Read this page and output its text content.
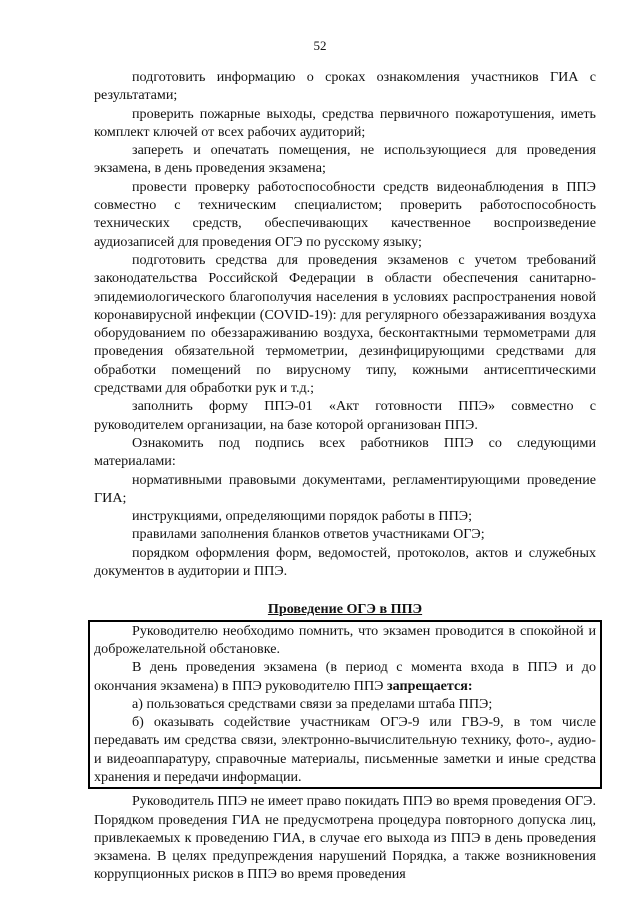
52

подготовить информацию о сроках ознакомления участников ГИА с результатами;

проверить пожарные выходы, средства первичного пожаротушения, иметь комплект ключей от всех рабочих аудиторий;

запереть и опечатать помещения, не использующиеся для проведения экзамена, в день проведения экзамена;

провести проверку работоспособности средств видеонаблюдения в ППЭ совместно с техническим специалистом; проверить работоспособность технических средств, обеспечивающих качественное воспроизведение аудиозаписей для проведения ОГЭ по русскому языку;

подготовить средства для проведения экзаменов с учетом требований законодательства Российской Федерации в области обеспечения санитарно-эпидемиологического благополучия населения в условиях распространения новой коронавирусной инфекции (COVID-19): для регулярного обеззараживания воздуха оборудованием по обеззараживанию воздуха, бесконтактными термометрами для проведения обязательной термометрии, дезинфицирующими средствами для обработки помещений по вирусному типу, кожными антисептическими средствами для обработки рук и т.д.;

заполнить форму ППЭ-01 «Акт готовности ППЭ» совместно с руководителем организации, на базе которой организован ППЭ.

Ознакомить под подпись всех работников ППЭ со следующими материалами:

нормативными правовыми документами, регламентирующими проведение ГИА;

инструкциями, определяющими порядок работы в ППЭ;

правилами заполнения бланков ответов участниками ОГЭ;

порядком оформления форм, ведомостей, протоколов, актов и служебных документов в аудитории и ППЭ.

Проведение ОГЭ в ППЭ

Руководителю необходимо помнить, что экзамен проводится в спокойной и доброжелательной обстановке.

В день проведения экзамена (в период с момента входа в ППЭ и до окончания экзамена) в ППЭ руководителю ППЭ запрещается:

а) пользоваться средствами связи за пределами штаба ППЭ;

б) оказывать содействие участникам ОГЭ-9 или ГВЭ-9, в том числе передавать им средства связи, электронно-вычислительную технику, фото-, аудио- и видеоаппаратуру, справочные материалы, письменные заметки и иные средства хранения и передачи информации.

Руководитель ППЭ не имеет право покидать ППЭ во время проведения ОГЭ. Порядком проведения ГИА не предусмотрена процедура повторного допуска лиц, привлекаемых к проведению ГИА, в случае его выхода из ППЭ в день проведения экзамена. В целях предупреждения нарушений Порядка, а также возникновения коррупционных рисков в ППЭ во время проведения
